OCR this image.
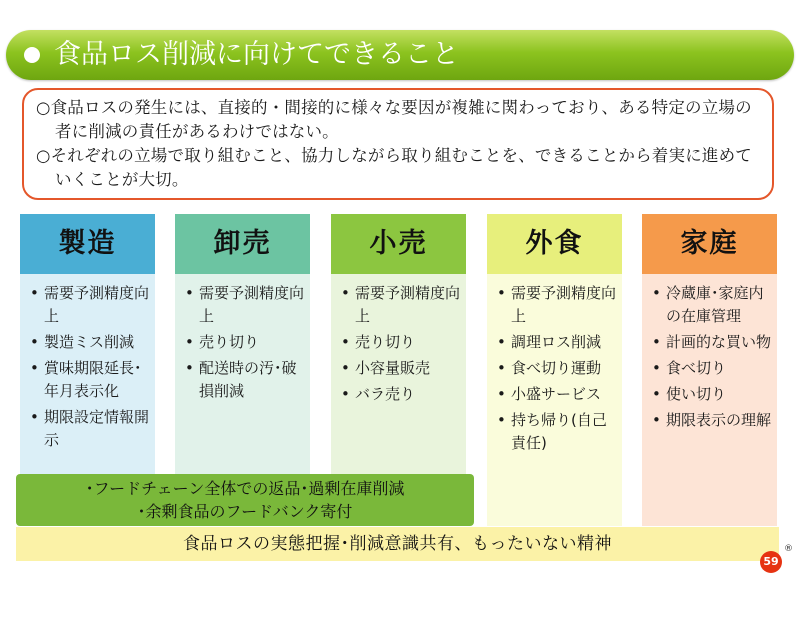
食品ロス削減に向けてできること
○食品ロスの発生には、直接的・間接的に様々な要因が複雑に関わっており、ある特定の立場の者に削減の責任があるわけではない。
○それぞれの立場で取り組むこと、協力しながら取り組むことを、できることから着実に進めていくことが大切。
製造
• 需要予測精度向上
• 製造ミス削減
• 賞味期限延長･年月表示化
• 期限設定情報開示
卸売
• 需要予測精度向上
• 売り切り
• 配送時の汚･破損削減
小売
• 需要予測精度向上
• 売り切り
• 小容量販売
• バラ売り
外食
• 需要予測精度向上
• 調理ロス削減
• 食べ切り運動
• 小盛サービス
• 持ち帰り(自己責任)
家庭
• 冷蔵庫･家庭内の在庫管理
• 計画的な買い物
• 食べ切り
• 使い切り
• 期限表示の理解
･フードチェーン全体での返品･過剰在庫削減
･余剰食品のフードバンク寄付
食品ロスの実態把握･削減意識共有、もったいない精神
59
®
